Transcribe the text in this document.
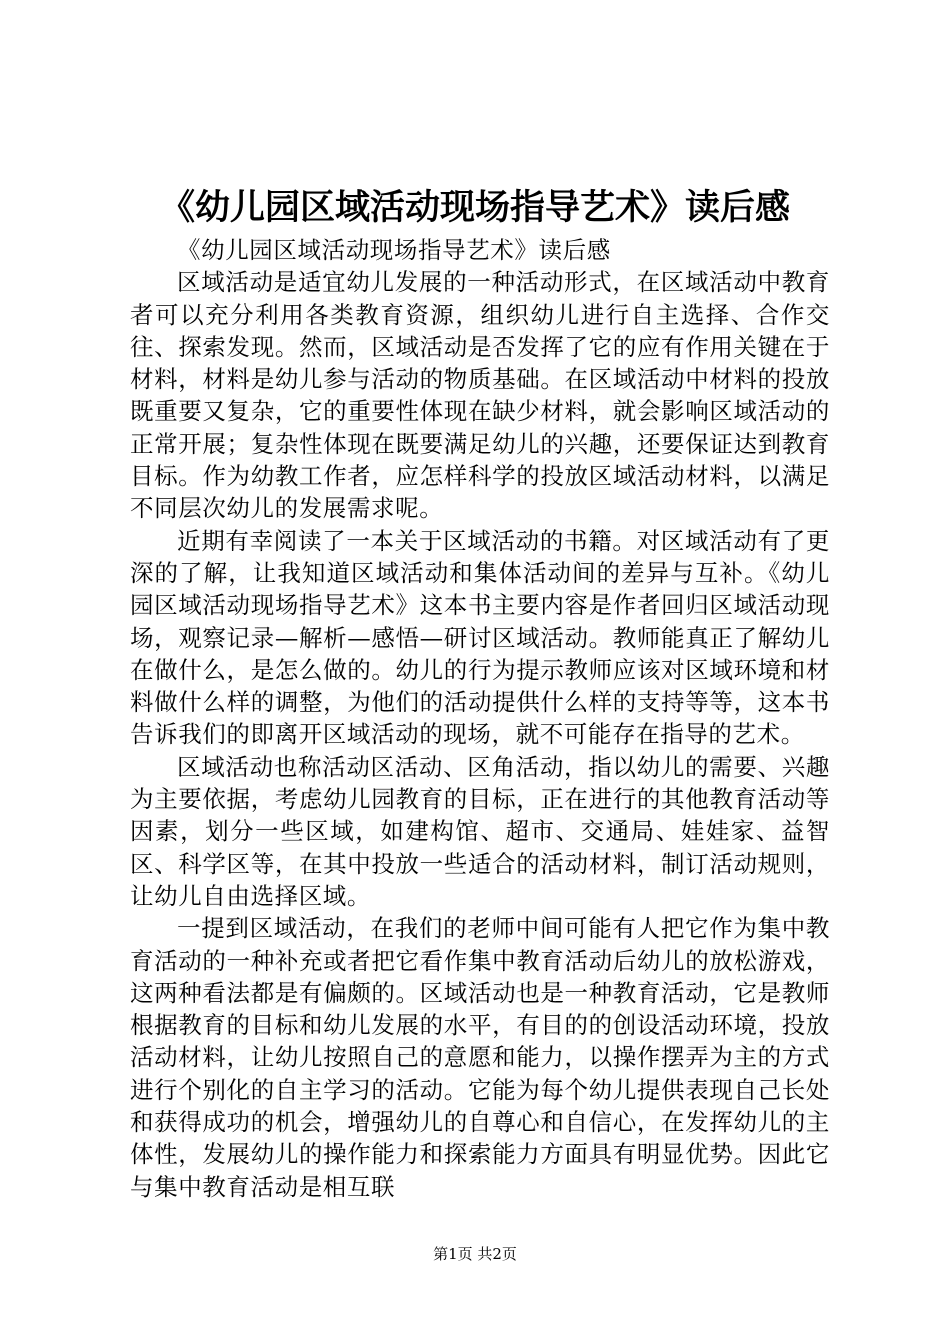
《幼儿园区域活动现场指导艺术》读后感

《幼儿园区域活动现场指导艺术》读后感

区域活动是适宜幼儿发展的一种活动形式，在区域活动中教育者可以充分利用各类教育资源，组织幼儿进行自主选择、合作交往、探索发现。然而，区域活动是否发挥了它的应有作用关键在于材料，材料是幼儿参与活动的物质基础。在区域活动中材料的投放既重要又复杂，它的重要性体现在缺少材料，就会影响区域活动的正常开展；复杂性体现在既要满足幼儿的兴趣，还要保证达到教育目标。作为幼教工作者，应怎样科学的投放区域活动材料，以满足不同层次幼儿的发展需求呢。

近期有幸阅读了一本关于区域活动的书籍。对区域活动有了更深的了解，让我知道区域活动和集体活动间的差异与互补。《幼儿园区域活动现场指导艺术》这本书主要内容是作者回归区域活动现场，观察记录—解析—感悟—研讨区域活动。教师能真正了解幼儿在做什么，是怎么做的。幼儿的行为提示教师应该对区域环境和材料做什么样的调整，为他们的活动提供什么样的支持等等，这本书告诉我们的即离开区域活动的现场，就不可能存在指导的艺术。

区域活动也称活动区活动、区角活动，指以幼儿的需要、兴趣为主要依据，考虑幼儿园教育的目标，正在进行的其他教育活动等因素，划分一些区域，如建构馆、超市、交通局、娃娃家、益智区、科学区等，在其中投放一些适合的活动材料，制订活动规则，让幼儿自由选择区域。

一提到区域活动，在我们的老师中间可能有人把它作为集中教育活动的一种补充或者把它看作集中教育活动后幼儿的放松游戏，这两种看法都是有偏颇的。区域活动也是一种教育活动，它是教师根据教育的目标和幼儿发展的水平，有目的的创设活动环境，投放活动材料，让幼儿按照自己的意愿和能力，以操作摆弄为主的方式进行个别化的自主学习的活动。它能为每个幼儿提供表现自己长处和获得成功的机会，增强幼儿的自尊心和自信心，在发挥幼儿的主体性，发展幼儿的操作能力和探索能力方面具有明显优势。因此它与集中教育活动是相互联

第1页 共2页
